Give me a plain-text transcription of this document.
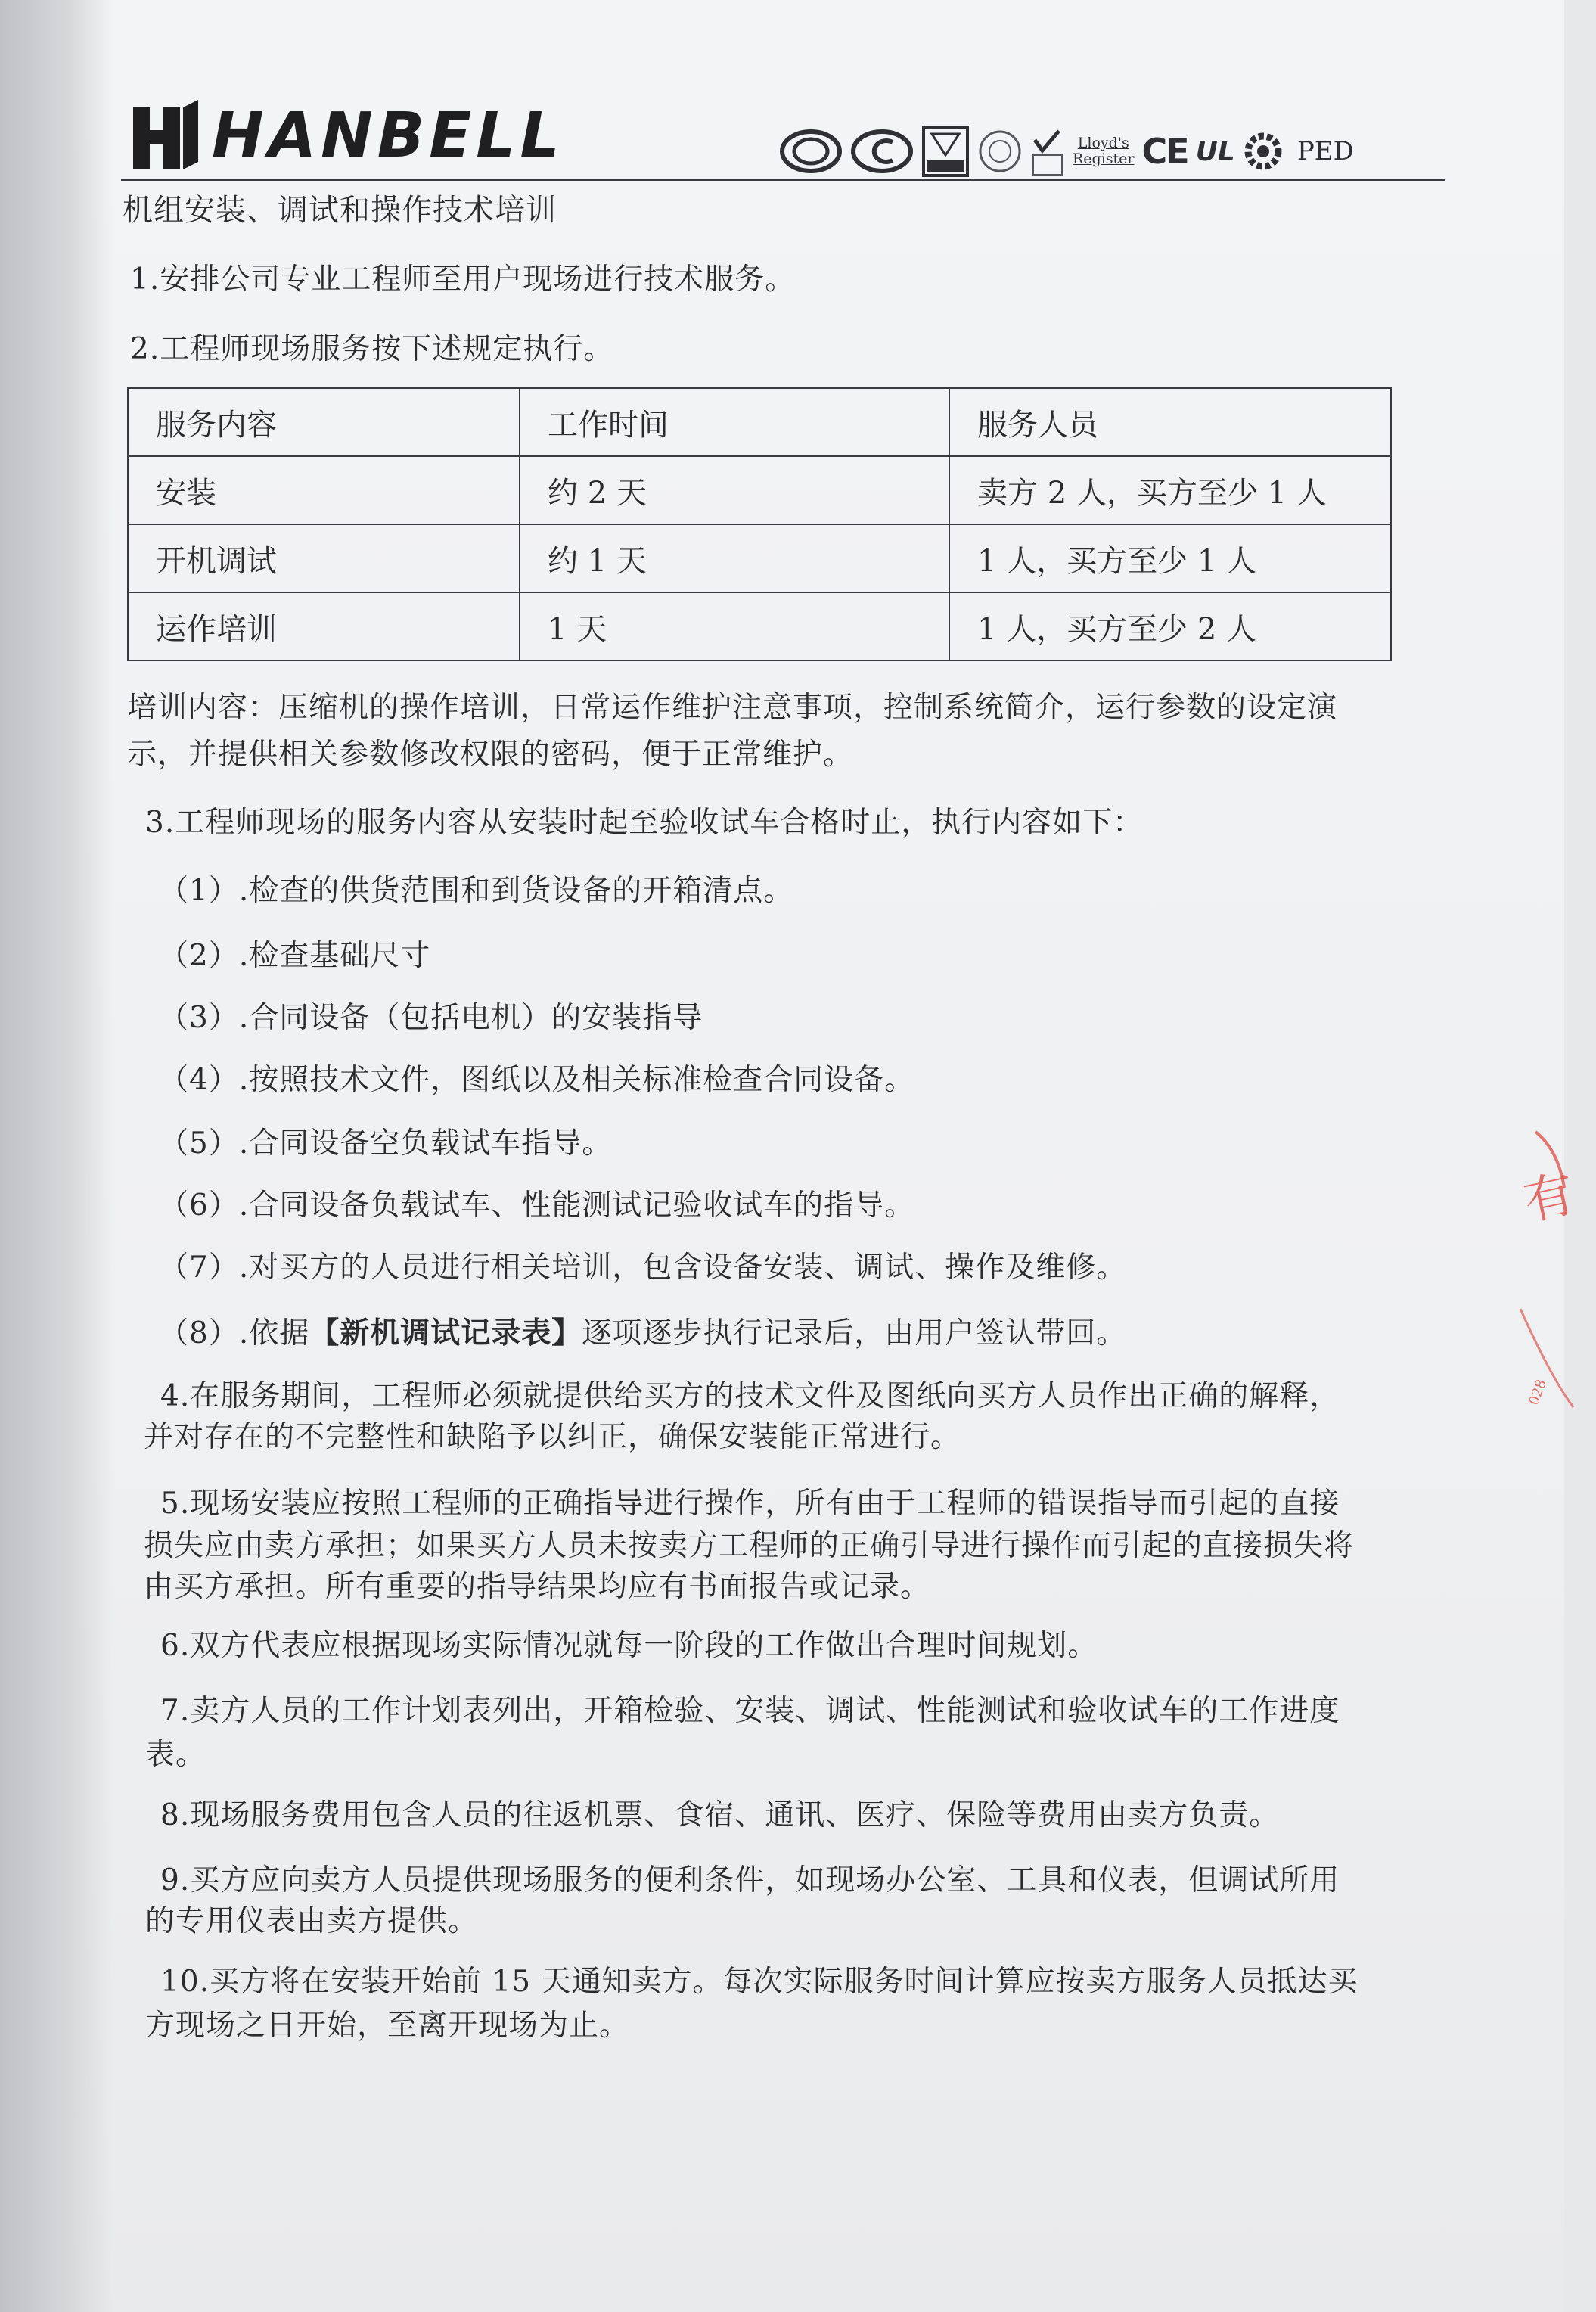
HANBELL	Lloyd's
Register CE UL PED
机组安装、调试和操作技术培训
1.安排公司专业工程师至用户现场进行技术服务。
2.工程师现场服务按下述规定执行。
服务内容	工作时间	服务人员
安装	约 2 天	卖方 2 人，买方至少 1 人
开机调试	约 1 天	1 人，买方至少 1 人
运作培训	1 天	1 人，买方至少 2 人
培训内容：压缩机的操作培训，日常运作维护注意事项，控制系统简介，运行参数的设定演
示，并提供相关参数修改权限的密码，便于正常维护。
3.工程师现场的服务内容从安装时起至验收试车合格时止，执行内容如下：
（1）.检查的供货范围和到货设备的开箱清点。
（2）.检查基础尺寸
（3）.合同设备（包括电机）的安装指导
（4）.按照技术文件，图纸以及相关标准检查合同设备。
（5）.合同设备空负载试车指导。
（6）.合同设备负载试车、性能测试记验收试车的指导。
（7）.对买方的人员进行相关培训，包含设备安装、调试、操作及维修。
（8）.依据【新机调试记录表】逐项逐步执行记录后，由用户签认带回。
4.在服务期间，工程师必须就提供给买方的技术文件及图纸向买方人员作出正确的解释，
并对存在的不完整性和缺陷予以纠正，确保安装能正常进行。
5.现场安装应按照工程师的正确指导进行操作，所有由于工程师的错误指导而引起的直接
损失应由卖方承担；如果买方人员未按卖方工程师的正确引导进行操作而引起的直接损失将
由买方承担。所有重要的指导结果均应有书面报告或记录。
6.双方代表应根据现场实际情况就每一阶段的工作做出合理时间规划。
7.卖方人员的工作计划表列出，开箱检验、安装、调试、性能测试和验收试车的工作进度
表。
8.现场服务费用包含人员的往返机票、食宿、通讯、医疗、保险等费用由卖方负责。
9.买方应向卖方人员提供现场服务的便利条件，如现场办公室、工具和仪表，但调试所用
的专用仪表由卖方提供。
10.买方将在安装开始前 15 天通知卖方。每次实际服务时间计算应按卖方服务人员抵达买
方现场之日开始，至离开现场为止。
有
028
